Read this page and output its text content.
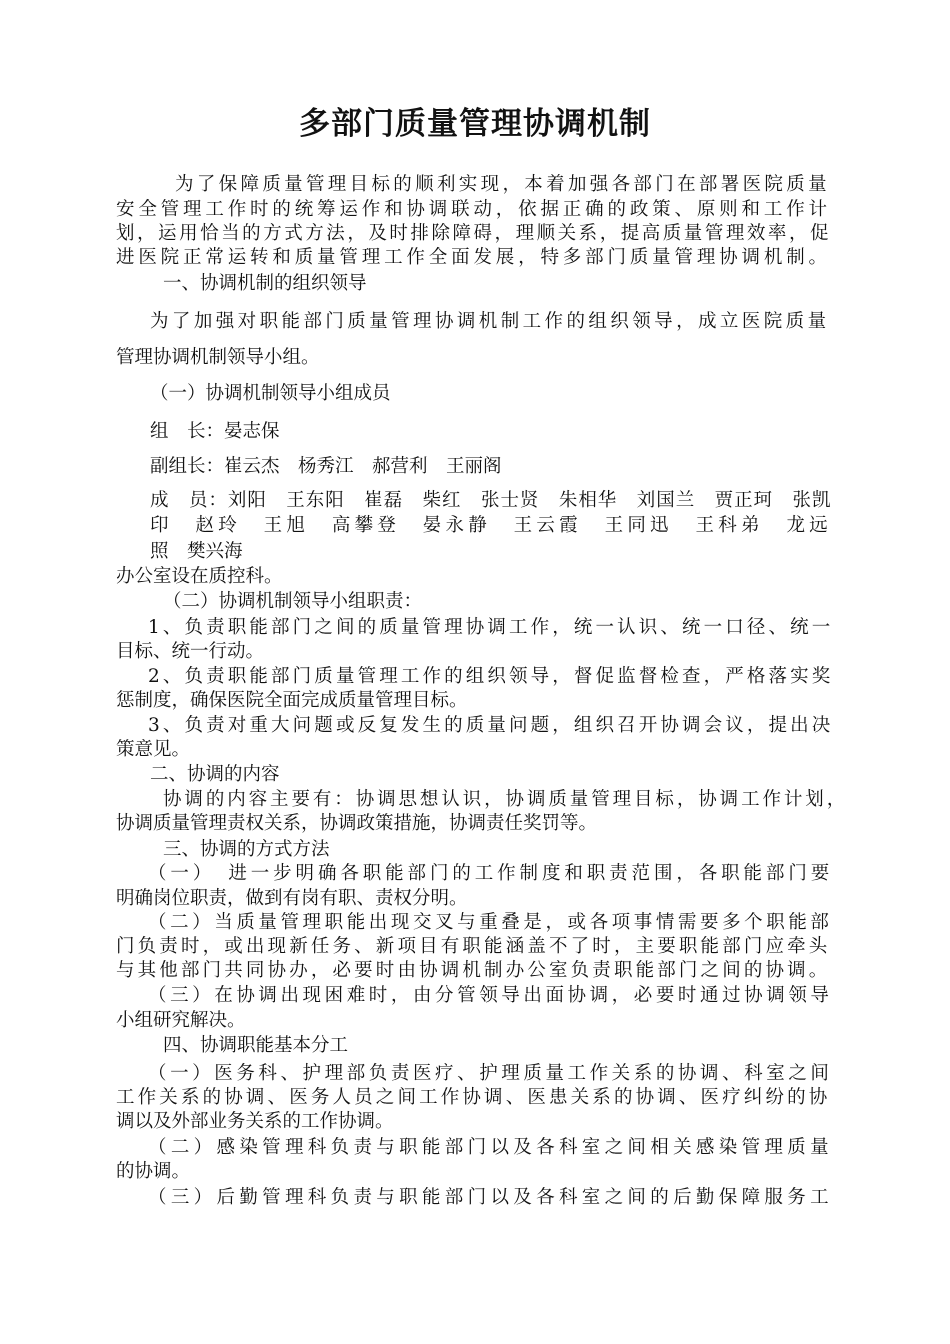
多部门质量管理协调机制
为了保障质量管理目标的顺利实现，本着加强各部门在部署医院质量
安全管理工作时的统筹运作和协调联动，依据正确的政策、原则和工作计
划，运用恰当的方式方法，及时排除障碍，理顺关系，提高质量管理效率，促
进医院正常运转和质量管理工作全面发展，特多部门质量管理协调机制。
一、协调机制的组织领导
为了加强对职能部门质量管理协调机制工作的组织领导，成立医院质量
管理协调机制领导小组。
（一）协调机制领导小组成员
组　长：晏志保
副组长：崔云杰　杨秀江　郝营利　王丽阁
成　员：刘阳　王东阳　崔磊　柴红　张士贤　朱相华　刘国兰　贾正珂　张凯
印　赵玲　王旭　高攀登　晏永静　王云霞　王同迅　王科弟　龙远
照　樊兴海
办公室设在质控科。
（二）协调机制领导小组职责：
1、负责职能部门之间的质量管理协调工作，统一认识、统一口径、统一
目标、统一行动。
2、负责职能部门质量管理工作的组织领导，督促监督检查，严格落实奖
惩制度，确保医院全面完成质量管理目标。
3、负责对重大问题或反复发生的质量问题，组织召开协调会议，提出决
策意见。
二、协调的内容
协调的内容主要有：协调思想认识，协调质量管理目标，协调工作计划，
协调质量管理责权关系，协调政策措施，协调责任奖罚等。
三、协调的方式方法
（一）　进一步明确各职能部门的工作制度和职责范围，各职能部门要
明确岗位职责，做到有岗有职、责权分明。
（二）当质量管理职能出现交叉与重叠是，或各项事情需要多个职能部
门负责时，或出现新任务、新项目有职能涵盖不了时，主要职能部门应牵头
与其他部门共同协办，必要时由协调机制办公室负责职能部门之间的协调。
（三）在协调出现困难时，由分管领导出面协调，必要时通过协调领导
小组研究解决。
四、协调职能基本分工
（一）医务科、护理部负责医疗、护理质量工作关系的协调、科室之间
工作关系的协调、医务人员之间工作协调、医患关系的协调、医疗纠纷的协
调以及外部业务关系的工作协调。
（二）感染管理科负责与职能部门以及各科室之间相关感染管理质量
的协调。
（三）后勤管理科负责与职能部门以及各科室之间的后勤保障服务工
